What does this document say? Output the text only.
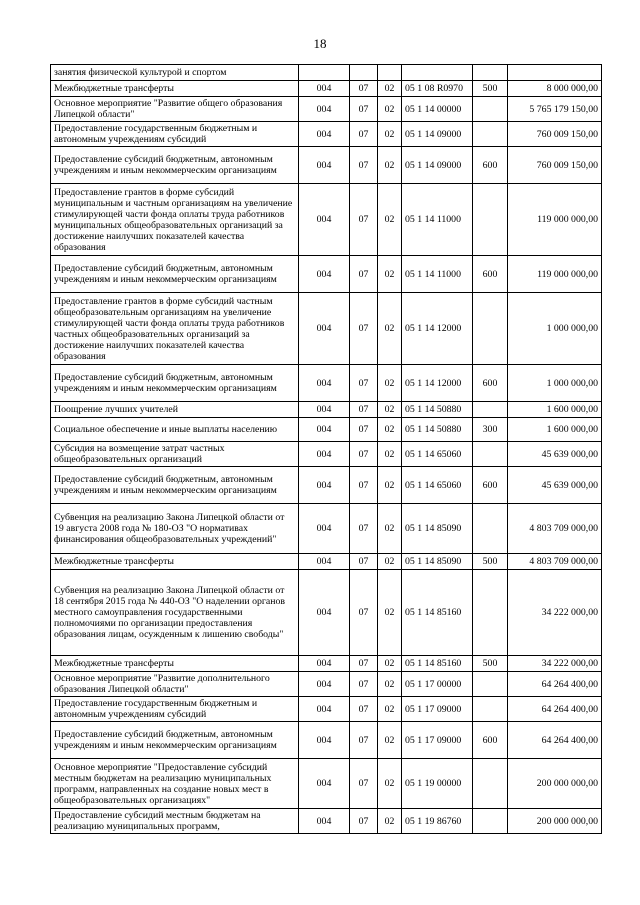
18
занятия физической культурой и спортом						
Межбюджетные трансферты	004	07	02	05 1 08 R0970	500	8 000 000,00
Основное мероприятие "Развитие общего образования Липецкой области"	004	07	02	05 1 14 00000		5 765 179 150,00
Предоставление государственным бюджетным и автономным учреждениям субсидий	004	07	02	05 1 14 09000		760 009 150,00
Предоставление субсидий бюджетным, автономным учреждениям и иным некоммерческим организациям	004	07	02	05 1 14 09000	600	760 009 150,00
Предоставление грантов в форме субсидий муниципальным и частным организациям на увеличение стимулирующей части фонда оплаты труда работников муниципальных общеобразовательных организаций за достижение наилучших показателей качества образования	004	07	02	05 1 14 11000		119 000 000,00
Предоставление субсидий бюджетным, автономным учреждениям и иным некоммерческим организациям	004	07	02	05 1 14 11000	600	119 000 000,00
Предоставление грантов в форме субсидий частным общеобразовательным организациям на увеличение стимулирующей части фонда оплаты труда работников частных общеобразовательных организаций за достижение наилучших показателей качества образования	004	07	02	05 1 14 12000		1 000 000,00
Предоставление субсидий бюджетным, автономным учреждениям и иным некоммерческим организациям	004	07	02	05 1 14 12000	600	1 000 000,00
Поощрение лучших учителей	004	07	02	05 1 14 50880		1 600 000,00
Социальное обеспечение и иные выплаты населению	004	07	02	05 1 14 50880	300	1 600 000,00
Субсидия на возмещение затрат частных общеобразовательных организаций	004	07	02	05 1 14 65060		45 639 000,00
Предоставление субсидий бюджетным, автономным учреждениям и иным некоммерческим организациям	004	07	02	05 1 14 65060	600	45 639 000,00
Субвенция на реализацию Закона Липецкой области от 19 августа 2008 года № 180-ОЗ "О нормативах финансирования общеобразовательных учреждений"	004	07	02	05 1 14 85090		4 803 709 000,00
Межбюджетные трансферты	004	07	02	05 1 14 85090	500	4 803 709 000,00
Субвенция на реализацию Закона Липецкой области от 18 сентября 2015 года № 440-ОЗ "О наделении органов местного самоуправления государственными полномочиями по организации предоставления образования лицам, осужденным к лишению свободы"	004	07	02	05 1 14 85160		34 222 000,00
Межбюджетные трансферты	004	07	02	05 1 14 85160	500	34 222 000,00
Основное мероприятие "Развитие дополнительного образования Липецкой области"	004	07	02	05 1 17 00000		64 264 400,00
Предоставление государственным бюджетным и автономным учреждениям субсидий	004	07	02	05 1 17 09000		64 264 400,00
Предоставление субсидий бюджетным, автономным учреждениям и иным некоммерческим организациям	004	07	02	05 1 17 09000	600	64 264 400,00
Основное мероприятие "Предоставление субсидий местным бюджетам на реализацию муниципальных программ, направленных на создание новых мест в общеобразовательных организациях"	004	07	02	05 1 19 00000		200 000 000,00
Предоставление субсидий местным бюджетам на реализацию муниципальных программ,	004	07	02	05 1 19 86760		200 000 000,00
